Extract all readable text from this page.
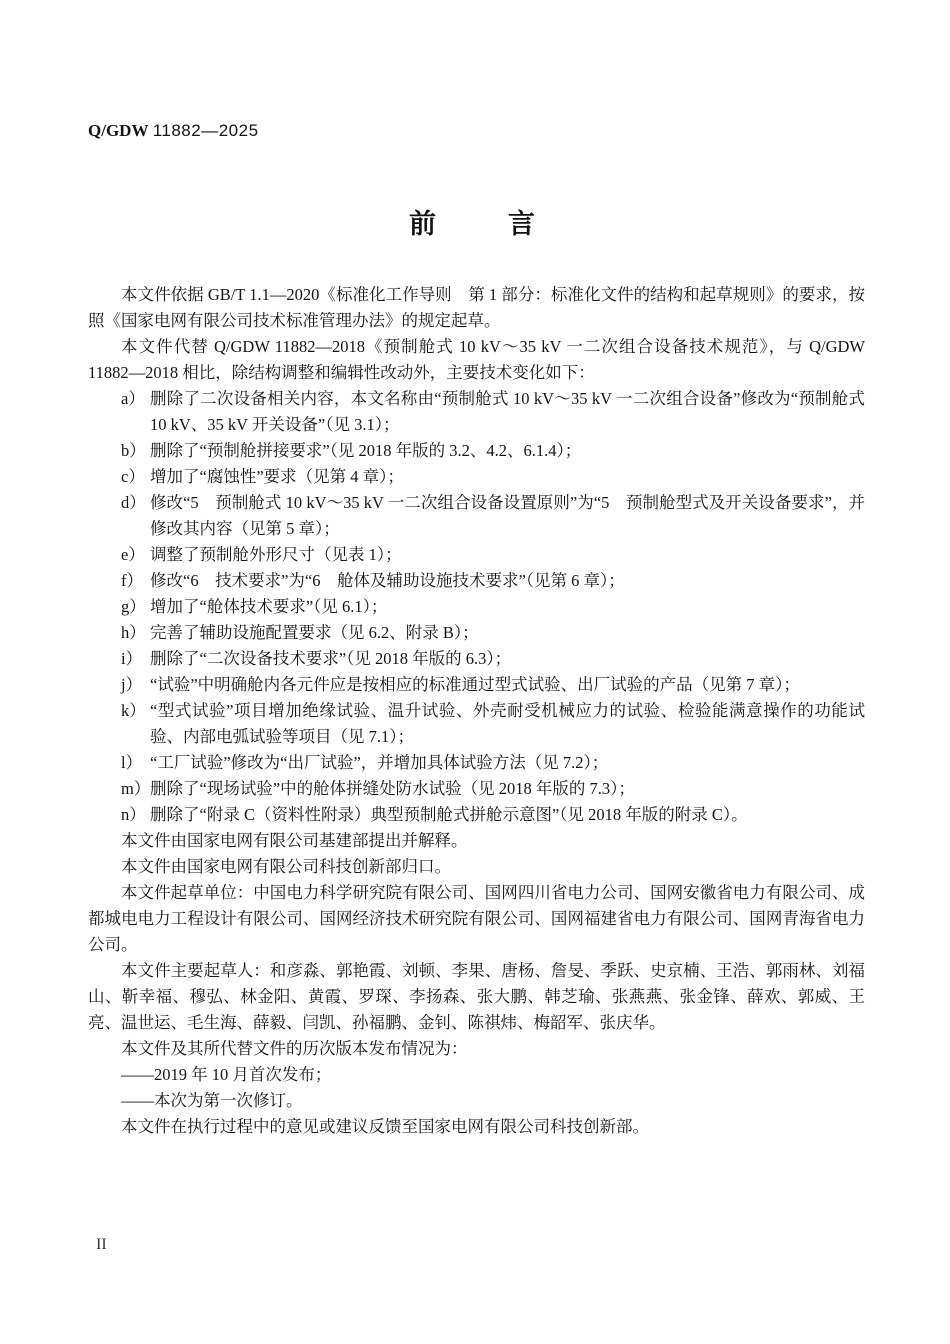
Q/GDW 11882—2025
前　　言

本文件依据 GB/T 1.1—2020《标准化工作导则　第 1 部分：标准化文件的结构和起草规则》的要求，按照《国家电网有限公司技术标准管理办法》的规定起草。

本文件代替 Q/GDW 11882—2018《预制舱式 10 kV～35 kV 一二次组合设备技术规范》，与 Q/GDW 11882—2018 相比，除结构调整和编辑性改动外，主要技术变化如下：

a） 删除了二次设备相关内容，本文名称由“预制舱式 10 kV～35 kV 一二次组合设备”修改为“预制舱式 10 kV、35 kV 开关设备”（见 3.1）；
b） 删除了“预制舱拼接要求”（见 2018 年版的 3.2、4.2、6.1.4）；
c） 增加了“腐蚀性”要求（见第 4 章）；
d） 修改“5　预制舱式 10 kV～35 kV 一二次组合设备设置原则”为“5　预制舱型式及开关设备要求”，并修改其内容（见第 5 章）；
e） 调整了预制舱外形尺寸（见表 1）；
f） 修改“6　技术要求”为“6　舱体及辅助设施技术要求”（见第 6 章）；
g） 增加了“舱体技术要求”（见 6.1）；
h） 完善了辅助设施配置要求（见 6.2、附录 B）；
i） 删除了“二次设备技术要求”（见 2018 年版的 6.3）；
j） “试验”中明确舱内各元件应是按相应的标准通过型式试验、出厂试验的产品（见第 7 章）；
k） “型式试验”项目增加绝缘试验、温升试验、外壳耐受机械应力的试验、检验能满意操作的功能试验、内部电弧试验等项目（见 7.1）；
l） “工厂试验”修改为“出厂试验”，并增加具体试验方法（见 7.2）；
m） 删除了“现场试验”中的舱体拼缝处防水试验（见 2018 年版的 7.3）；
n） 删除了“附录 C（资料性附录）典型预制舱式拼舱示意图”（见 2018 年版的附录 C）。

本文件由国家电网有限公司基建部提出并解释。

本文件由国家电网有限公司科技创新部归口。

本文件起草单位：中国电力科学研究院有限公司、国网四川省电力公司、国网安徽省电力有限公司、成都城电电力工程设计有限公司、国网经济技术研究院有限公司、国网福建省电力有限公司、国网青海省电力公司。

本文件主要起草人：和彦淼、郭艳霞、刘顿、李果、唐杨、詹旻、季跃、史京楠、王浩、郭雨林、刘福山、靳幸福、穆弘、林金阳、黄霞、罗琛、李扬森、张大鹏、韩芝瑜、张燕燕、张金锋、薛欢、郭威、王亮、温世运、毛生海、薛毅、闫凯、孙福鹏、金钊、陈祺炜、梅韶军、张庆华。

本文件及其所代替文件的历次版本发布情况为：

——2019 年 10 月首次发布；

——本次为第一次修订。

本文件在执行过程中的意见或建议反馈至国家电网有限公司科技创新部。

II
